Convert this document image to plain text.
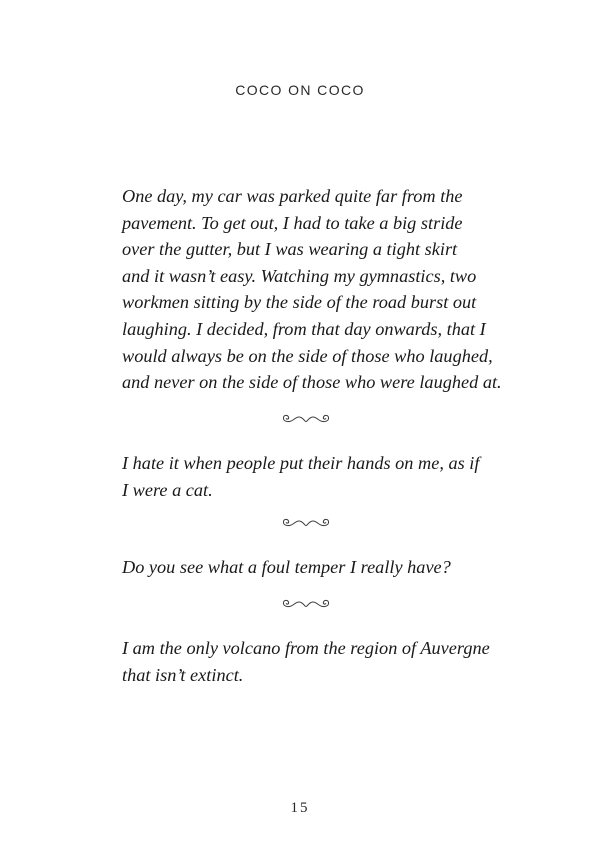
COCO ON COCO

One day, my car was parked quite far from the
pavement. To get out, I had to take a big stride
over the gutter, but I was wearing a tight skirt
and it wasn’t easy. Watching my gymnastics, two
workmen sitting by the side of the road burst out
laughing. I decided, from that day onwards, that I
would always be on the side of those who laughed,
and never on the side of those who were laughed at.

I hate it when people put their hands on me, as if
I were a cat.

Do you see what a foul temper I really have?

I am the only volcano from the region of Auvergne
that isn’t extinct.

15
